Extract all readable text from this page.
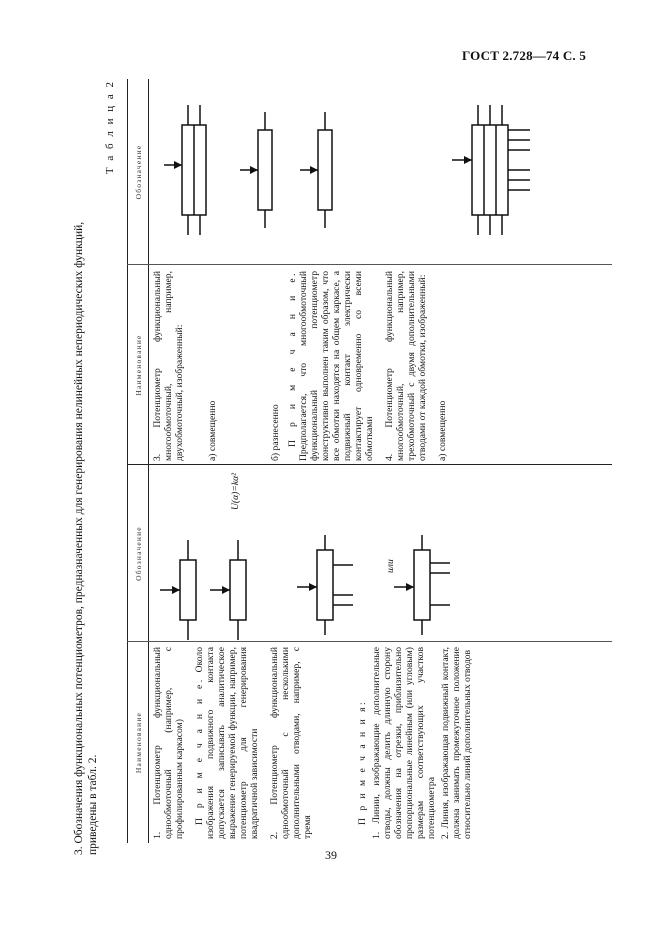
ГОСТ 2.728—74 С. 5
3. Обозначения функциональных потенциометров, предназначенных для генерирования нелинейных непериодических функций, приведены в табл. 2.
Т а б л и ц а 2
Наименование
Обозначение
Наименование
Обозначение

1. Потенциометр функциональный однообмоточный (например, с профилированным каркасом) П р и м е ч а н и е. Около изображения подвижного контакта допускается записывать аналитическое выражение генерируемой функции, например, потенциометр для генерирования квадратичной зависимости 2. Потенциометр функциональный однообмоточный с несколькими дополнительными отводами, например, с тремя

П р и м е ч а н и я: 1. Линии, изображающие дополнительные отводы, должны делить длинную сторону обозначения на отрезки, приблизительно пропорциональные линейным (или угловым) размерам соответствующих участков потенциометра 2. Линия, изображающая подвижный контакт, должна занимать промежуточное положение относительно линий дополнительных отводов

U(α)=kα²
или

3. Потенциометр функциональный многообмоточный, например, двухобмоточный, изображенный: а) совмещенно	б) разнесенно П р и м е ч а н и е. Предполагается, что многообмоточный функциональный потенциометр конструктивно выполнен таким образом, что все обмотки находятся на общем каркасе, а подвижный контакт электрически контактирует одновременно со всеми обмотками 4. Потенциометр функциональный многообмоточный, например, трехобмоточный с двумя дополнительными отводами от каждой обмотки, изображенный: а) совмещенно

39
